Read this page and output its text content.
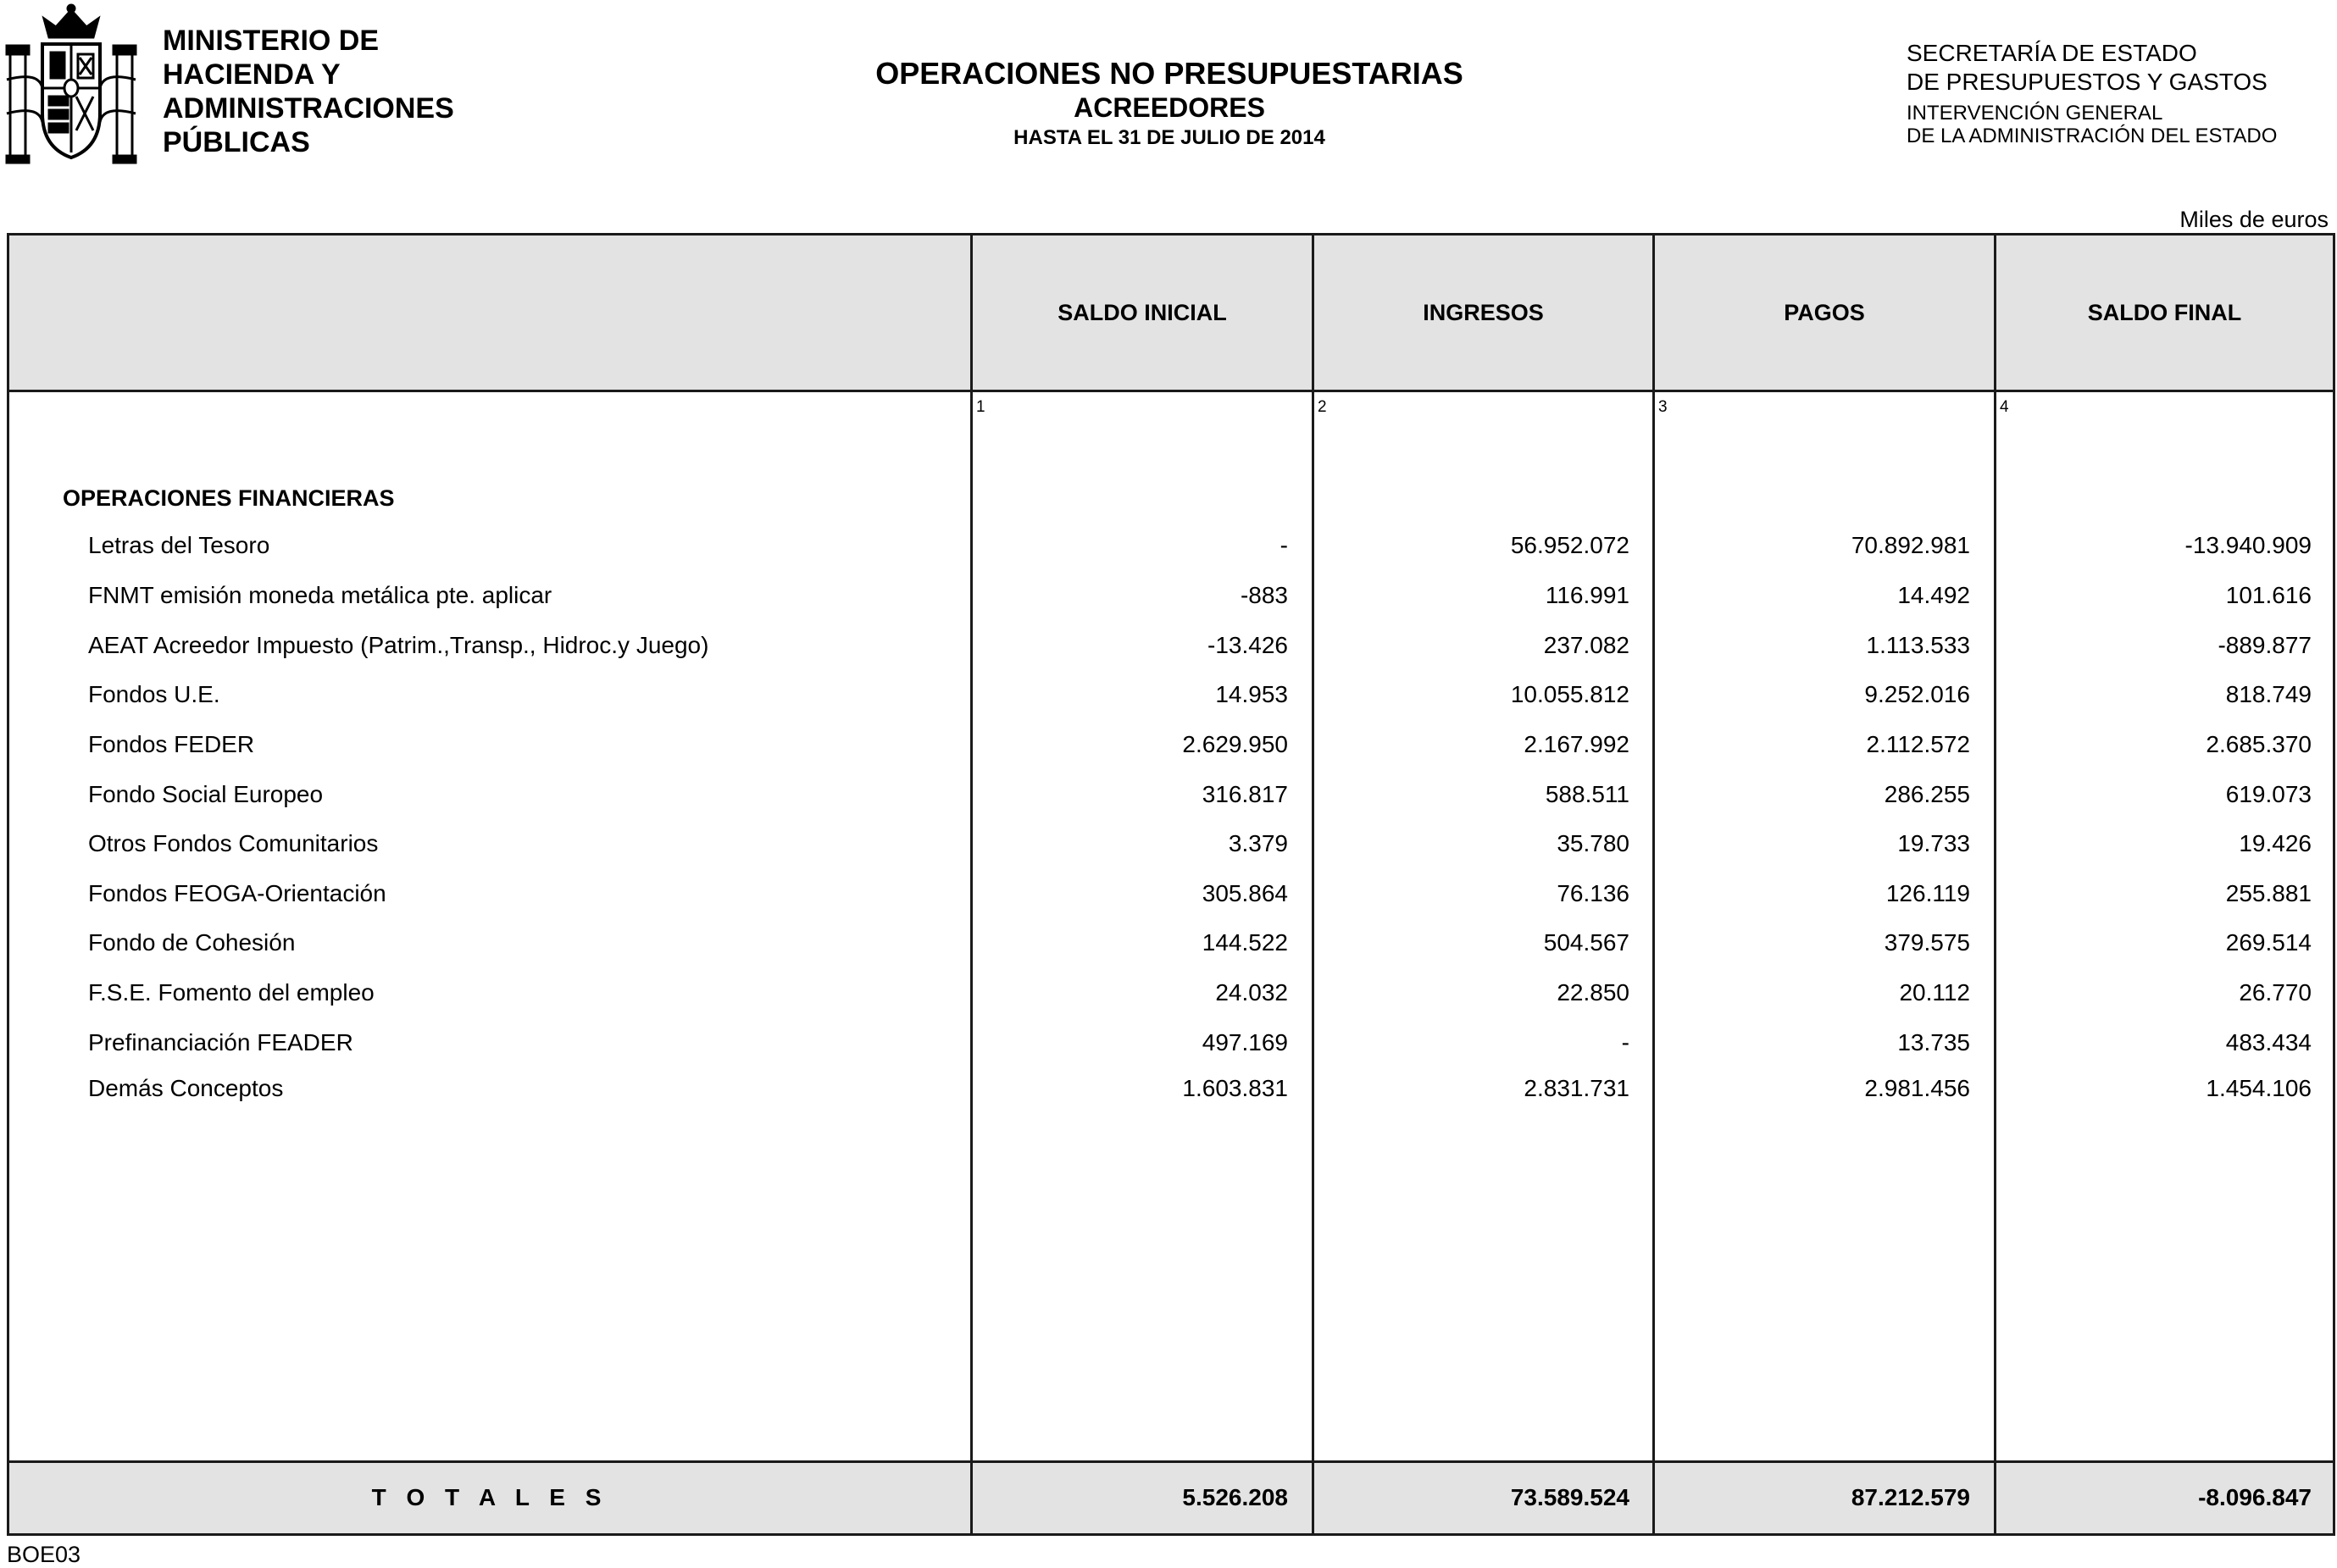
MINISTERIO DE
HACIENDA Y
ADMINISTRACIONES
PÚBLICAS
OPERACIONES NO PRESUPUESTARIAS
ACREEDORES
HASTA EL 31 DE JULIO DE 2014
SECRETARÍA DE ESTADO
DE PRESUPUESTOS Y GASTOS
INTERVENCIÓN GENERAL
DE LA ADMINISTRACIÓN DEL ESTADO
Miles de euros
SALDO INICIAL	INGRESOS	PAGOS	SALDO FINAL
1	2	3	4
OPERACIONES FINANCIERAS
Letras del Tesoro	-	56.952.072	70.892.981	-13.940.909
FNMT emisión moneda metálica pte. aplicar	-883	116.991	14.492	101.616
AEAT Acreedor Impuesto (Patrim.,Transp., Hidroc.y Juego)	-13.426	237.082	1.113.533	-889.877
Fondos U.E.	14.953	10.055.812	9.252.016	818.749
Fondos FEDER	2.629.950	2.167.992	2.112.572	2.685.370
Fondo Social Europeo	316.817	588.511	286.255	619.073
Otros Fondos Comunitarios	3.379	35.780	19.733	19.426
Fondos FEOGA-Orientación	305.864	76.136	126.119	255.881
Fondo de Cohesión	144.522	504.567	379.575	269.514
F.S.E. Fomento del empleo	24.032	22.850	20.112	26.770
Prefinanciación FEADER	497.169	-	13.735	483.434
Demás Conceptos	1.603.831	2.831.731	2.981.456	1.454.106
T O T A L E S	5.526.208	73.589.524	87.212.579	-8.096.847
BOE03
